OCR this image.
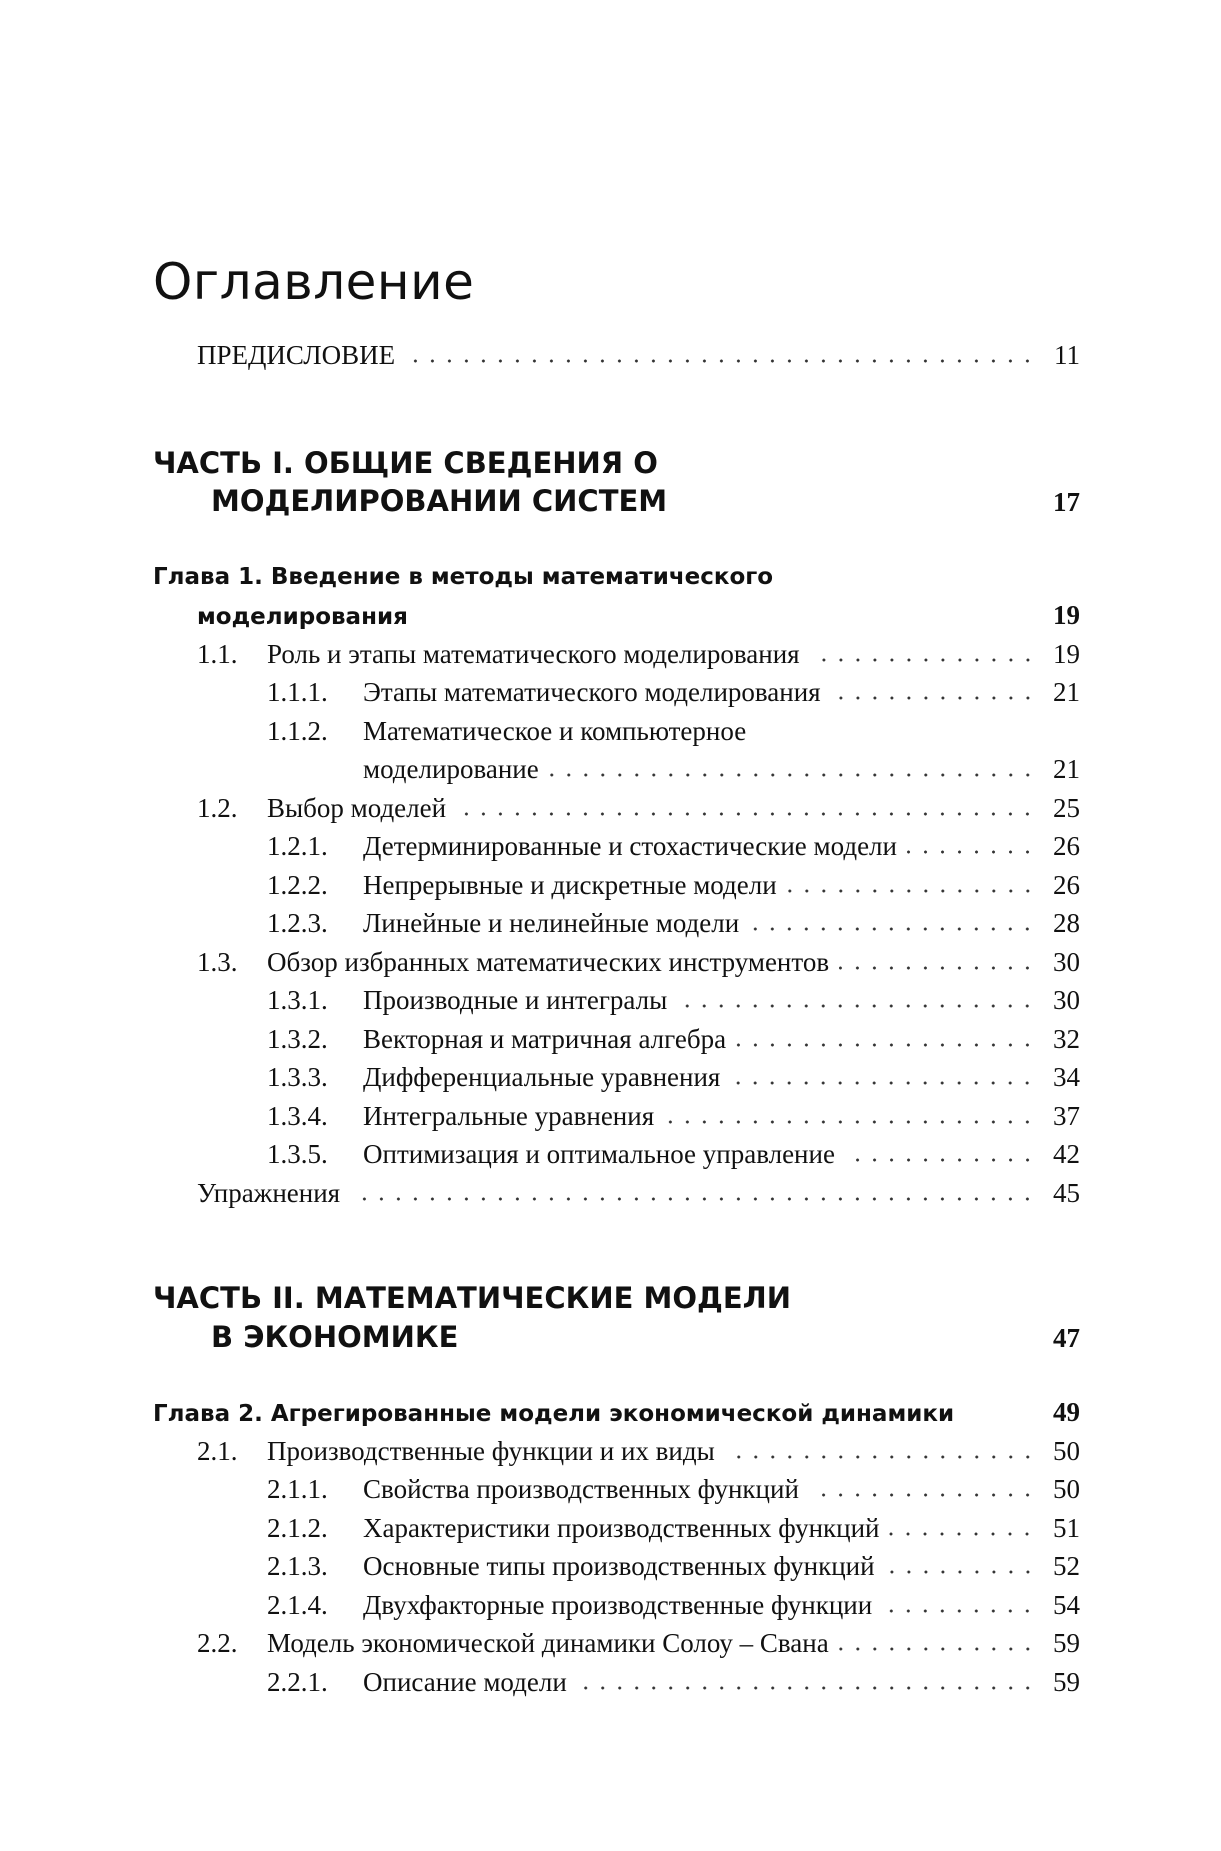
Оглавление
ПРЕДИСЛОВИЕ	11
ЧАСТЬ I. ОБЩИЕ СВЕДЕНИЯ О
МОДЕЛИРОВАНИИ СИСТЕМ	17
Глава 1. Введение в методы математического
моделирования	19
1.1.	Роль и этапы математического моделирования	19
1.1.1.	Этапы математического моделирования	21
1.1.2.	Математическое и компьютерное
моделирование	21
1.2.	Выбор моделей	25
1.2.1.	Детерминированные и стохастические модели	26
1.2.2.	Непрерывные и дискретные модели	26
1.2.3.	Линейные и нелинейные модели	28
1.3.	Обзор избранных математических инструментов	30
1.3.1.	Производные и интегралы	30
1.3.2.	Векторная и матричная алгебра	32
1.3.3.	Дифференциальные уравнения	34
1.3.4.	Интегральные уравнения	37
1.3.5.	Оптимизация и оптимальное управление	42
Упражнения	45
ЧАСТЬ II. МАТЕМАТИЧЕСКИЕ МОДЕЛИ
В ЭКОНОМИКЕ	47
Глава 2. Агрегированные модели экономической динамики	49
2.1.	Производственные функции и их виды	50
2.1.1.	Свойства производственных функций	50
2.1.2.	Характеристики производственных функций	51
2.1.3.	Основные типы производственных функций	52
2.1.4.	Двухфакторные производственные функции	54
2.2.	Модель экономической динамики Солоу – Свана	59
2.2.1.	Описание модели	59
